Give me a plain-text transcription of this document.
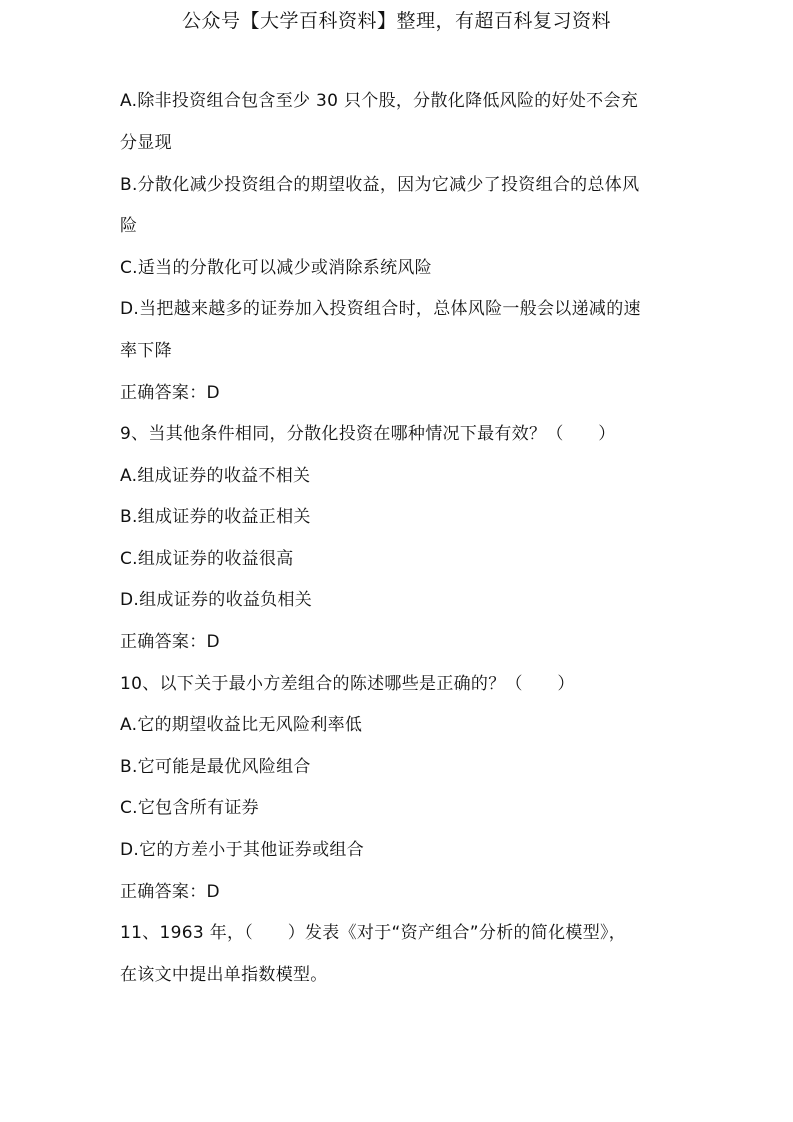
公众号【大学百科资料】整理，有超百科复习资料
A.除非投资组合包含至少 30 只个股，分散化降低风险的好处不会充
分显现
B.分散化减少投资组合的期望收益，因为它减少了投资组合的总体风
险
C.适当的分散化可以减少或消除系统风险
D.当把越来越多的证券加入投资组合时，总体风险一般会以递减的速
率下降
正确答案：D
9、当其他条件相同，分散化投资在哪种情况下最有效？（　　）
A.组成证券的收益不相关
B.组成证券的收益正相关
C.组成证券的收益很高
D.组成证券的收益负相关
正确答案：D
10、以下关于最小方差组合的陈述哪些是正确的？（　　）
A.它的期望收益比无风险利率低
B.它可能是最优风险组合
C.它包含所有证券
D.它的方差小于其他证券或组合
正确答案：D
11、1963 年，（　　）发表《对于“资产组合”分析的简化模型》，
在该文中提出单指数模型。
